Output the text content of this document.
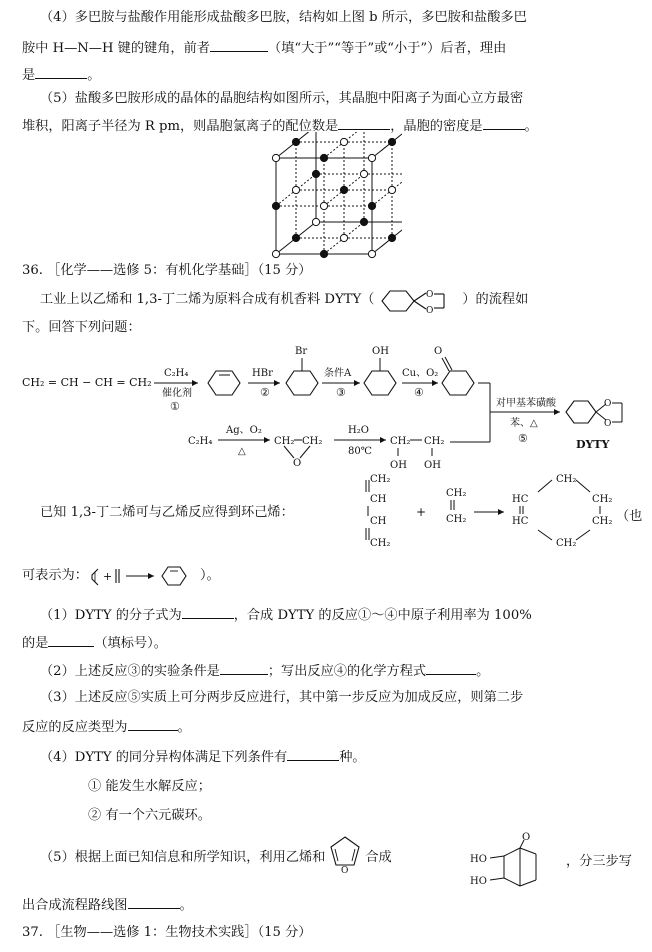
（4）多巴胺与盐酸作用能形成盐酸多巴胺，结构如上图 b 所示，多巴胺和盐酸多巴
胺中 H—N—H 键的键角，前者	（填“大于”“等于”或“小于”）后者，理由
是	。
（5）盐酸多巴胺形成的晶体的晶胞结构如图所示，其晶胞中阳离子为面心立方最密
堆积，阳离子半径为 R pm，则晶胞氯离子的配位数是	，晶胞的密度是	。
36. ［化学——选修 5：有机化学基础］（15 分）
工业上以乙烯和 1,3-丁二烯为原料合成有机香料 DYTY（	O
O
）的流程如
下。回答下列问题：
CH₂ = CH − CH = CH₂
C₂H₄
催化剂
①
HBr
②
Br
条件A
③
OH
Cu、O₂
④
O
对甲基苯磺酸
苯、△
⑤
O
O
DYTY
C₂H₄
Ag、O₂
△
CH₂ CH₂
O
H₂O
80℃
CH₂ CH₂
OH OH
已知 1,3-丁二烯可与乙烯反应得到环己烯：
CH₂
CH
CH
CH₂
+
CH₂
CH₂
CH₂
HC	CH₂
HC	CH₂
CH₂
（也
可表示为： +	）。
（1）DYTY 的分子式为	，合成 DYTY 的反应①～④中原子利用率为 100%
的是	（填标号）。
（2）上述反应③的实验条件是	；写出反应④的化学方程式	。
（3）上述反应⑤实质上可分两步反应进行，其中第一步反应为加成反应，则第二步
反应的反应类型为	。
（4）DYTY 的同分异构体满足下列条件有	种。
① 能发生水解反应；
② 有一个六元碳环。
（5）根据上面已知信息和所学知识，利用乙烯和
O
合成	HO
HO
O
，分三步写
出合成流程路线图	。
37. ［生物——选修 1：生物技术实践］（15 分）
